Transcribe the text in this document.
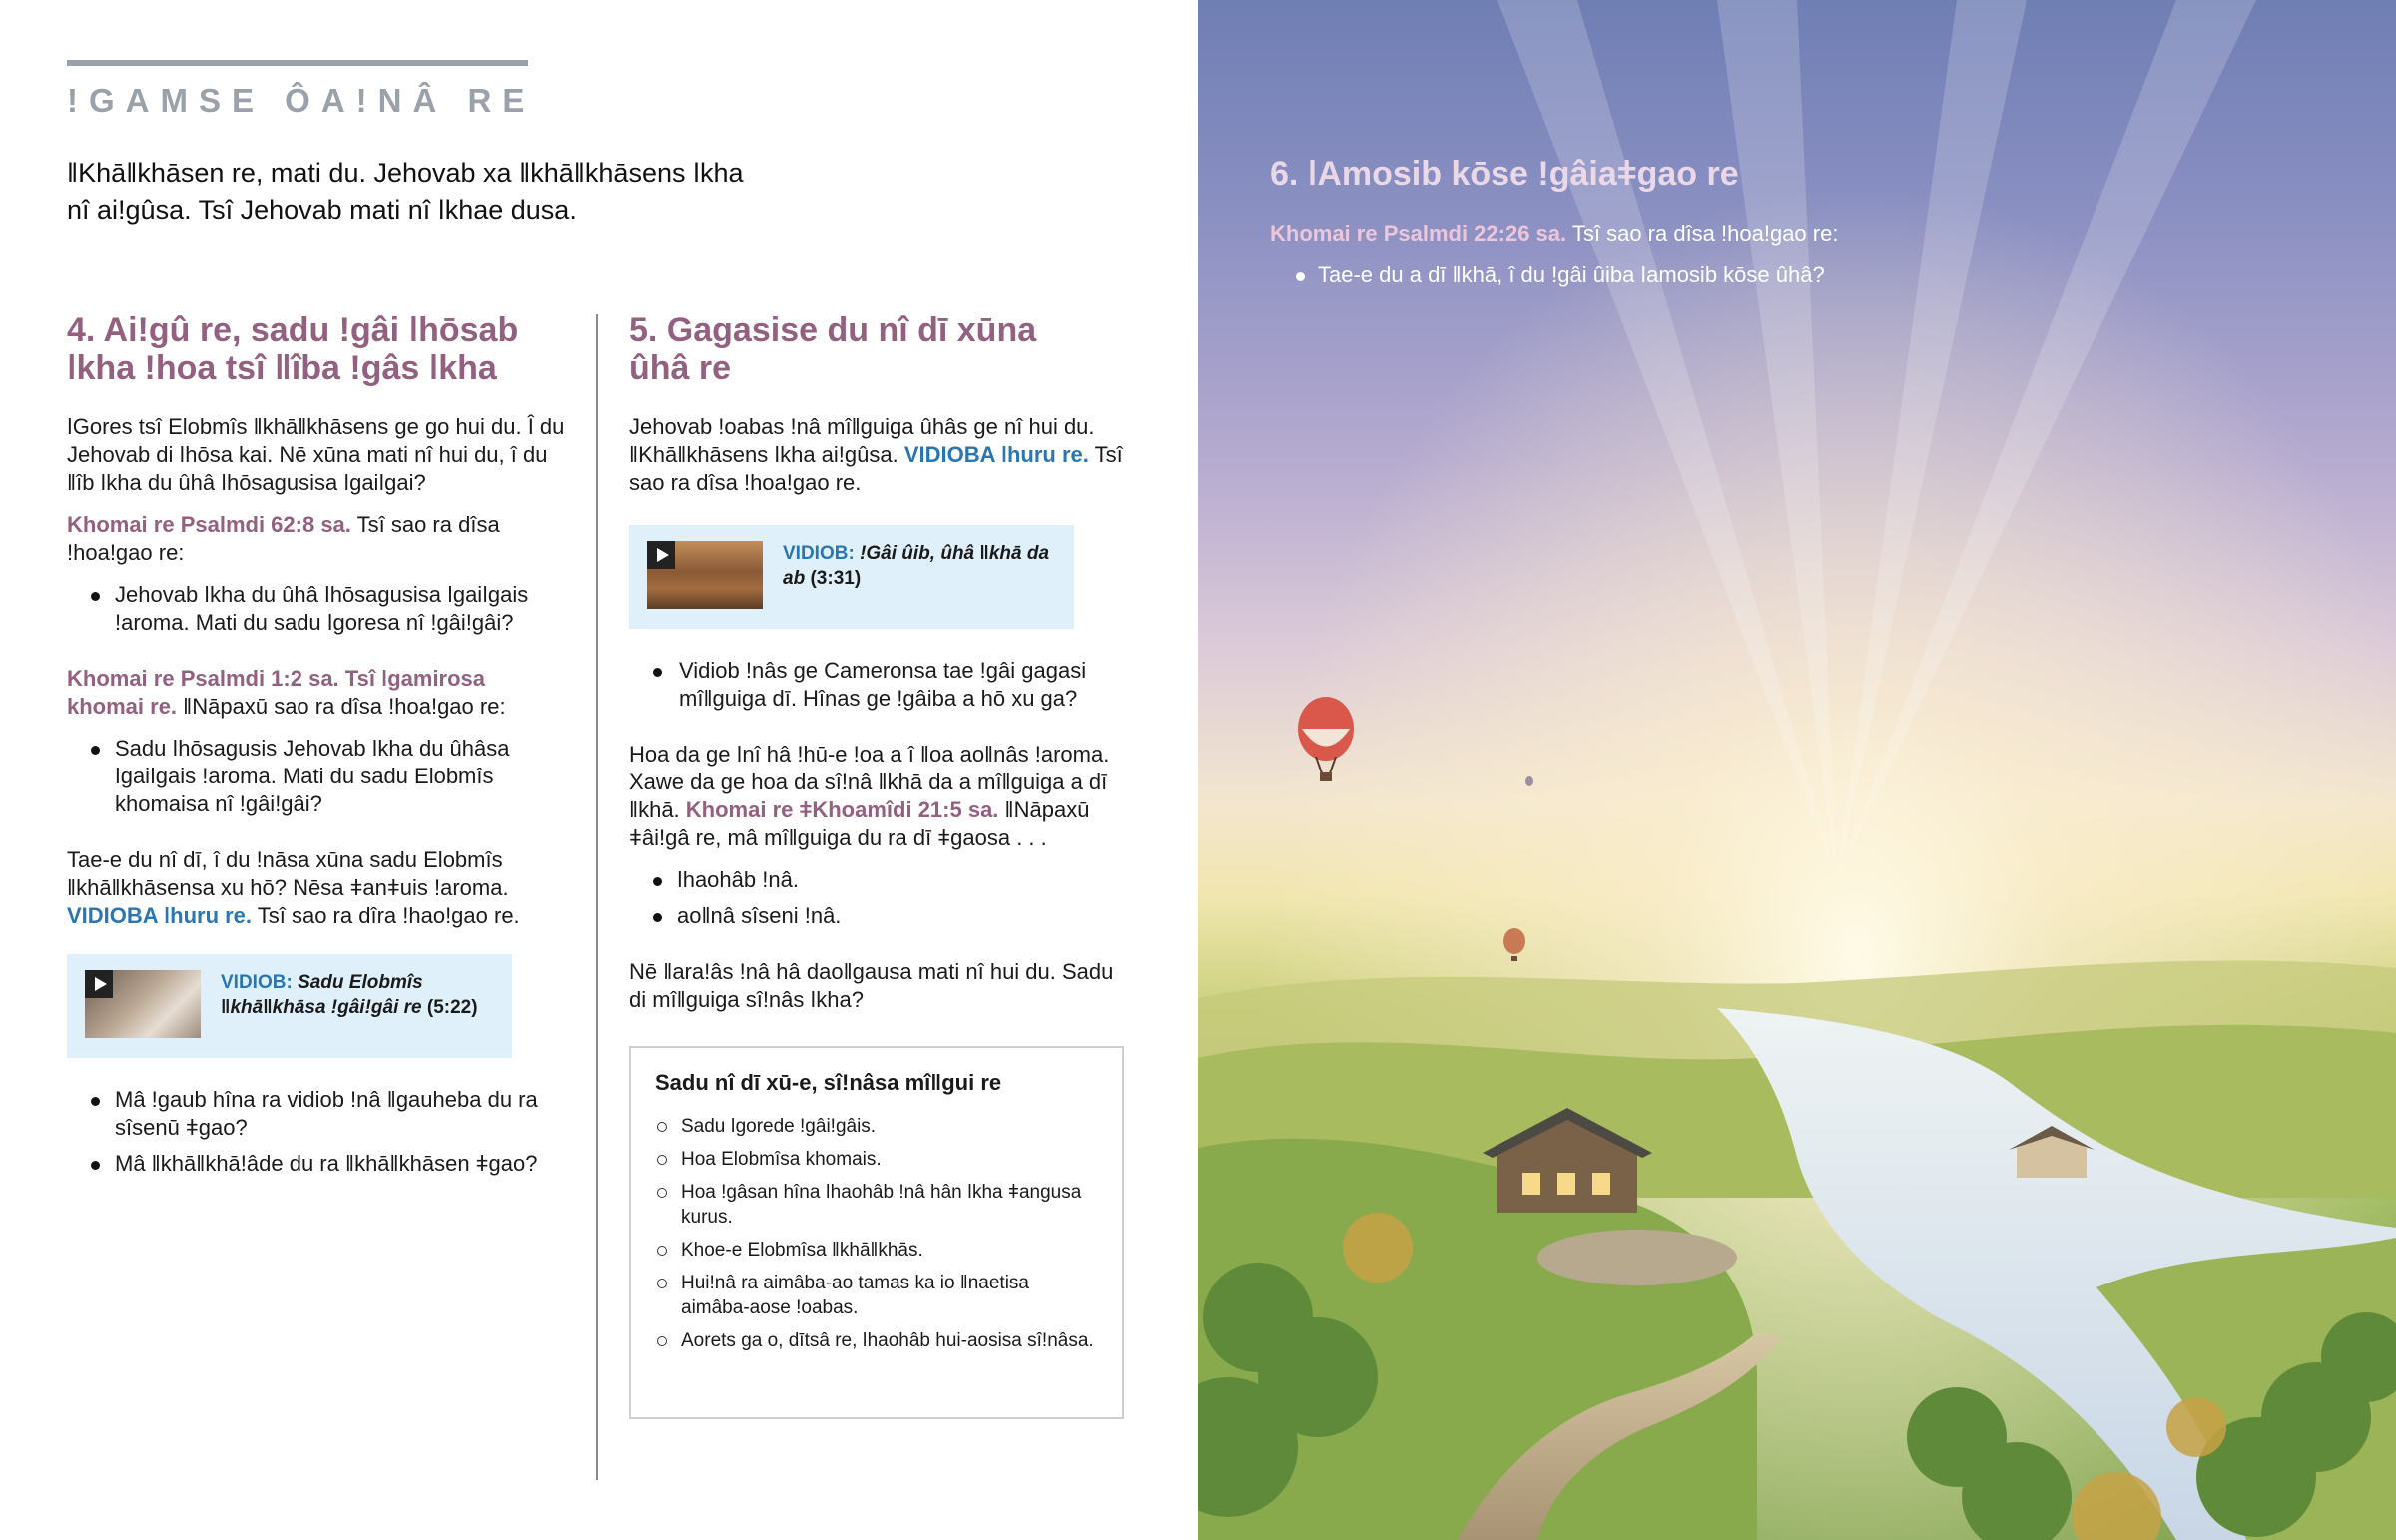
ǃGAMSE ÔAǃNÂ RE
ǁKhāǁkhāsen re, mati du. Jehovab xa ǁkhāǁkhāsens ǀkha nî aiǃgûsa. Tsî Jehovab mati nî ǀkhae dusa.
4. Aiǃgû re, sadu ǃgâi ǀhōsab ǀkha ǃhoa tsî ǁîba ǃgâs ǀkha

ǀGores tsî Elobmîs ǁkhāǁkhāsens ge go hui du. Î du Jehovab di ǀhōsa kai. Nē xūna mati nî hui du, î du ǁîb ǀkha du ûhâ ǀhōsagusisa ǀgaiǀgai?

Khomai re Psalmdi 62:8 sa. Tsî sao ra dîsa ǃhoaǃgao re:

Jehovab ǀkha du ûhâ ǀhōsagusisa ǀgaiǀgais ǃaroma. Mati du sadu ǀgoresa nî ǃgâiǃgâi?

Khomai re Psalmdi 1:2 sa. Tsî ǀgamirosa khomai re. ǁNāpaxū sao ra dîsa ǃhoaǃgao re:

Sadu ǀhōsagusis Jehovab ǀkha du ûhâsa ǀgaiǀgais ǃaroma. Mati du sadu Elobmîs khomaisa nî ǃgâiǃgâi?

Tae-e du nî dī, î du ǃnāsa xūna sadu Elobmîs ǁkhāǁkhāsensa xu hō? Nēsa ǂanǂuis ǃaroma. VIDIOBA ǀhuru re. Tsî sao ra dîra ǃhaoǃgao re.

VIDIOB: Sadu Elobmîs ǁkhāǁkhāsa ǃgâiǃgâi re (5:22)
Mâ ǃgaub hîna ra vidiob ǃnâ ǁgauheba du ra sîsenū ǂgao?
Mâ ǁkhāǁkhāǃâde du ra ǁkhāǁkhāsen ǂgao?
5. Gagasise du nî dī xūna ûhâ re

Jehovab ǃoabas ǃnâ mîǁguiga ûhâs ge nî hui du. ǁKhāǁkhāsens ǀkha aiǃgûsa. VIDIOBA ǀhuru re. Tsî sao ra dîsa ǃhoaǃgao re.

VIDIOB: ǃGâi ûib, ûhâ ǁkhā da ab (3:31)
Vidiob ǃnâs ge Cameronsa tae ǃgâi gagasi mîǁguiga dī. Hînas ge ǃgâiba a hō xu ga?

Hoa da ge ǀnî hâ ǃhū-e ǃoa a î ǁoa aoǁnâs ǃaroma. Xawe da ge hoa da sîǃnâ ǁkhā da a mîǁguiga a dī ǁkhā. Khomai re ǂKhoamîdi 21:5 sa. ǁNāpaxū ǂâiǃgâ re, mâ mîǁguiga du ra dī ǂgaosa . . .

ǀhaohâb ǃnâ.
aoǁnâ sîseni ǃnâ.

Nē ǁaraǃâs ǃnâ hâ daoǁgausa mati nî hui du. Sadu di mîǁguiga sîǃnâs ǀkha?

Sadu nî dī xū-e, sîǃnâsa mîǁgui re

Sadu ǀgorede ǃgâiǃgâis.
Hoa Elobmîsa khomais.
Hoa ǃgâsan hîna ǀhaohâb ǃnâ hân ǀkha ǂangusa kurus.
Khoe-e Elobmîsa ǁkhāǁkhās.
Huiǃnâ ra aimâba-ao tamas ka io ǁnaetisa aimâba-aose ǃoabas.
Aorets ga o, dītsâ re, ǀhaohâb hui-aosisa sîǃnâsa.
6. ǀAmosib kōse ǃgâiaǂgao re
Khomai re Psalmdi 22:26 sa. Tsî sao ra dîsa ǃhoaǃgao re:
Tae-e du a dī ǁkhā, î du ǃgâi ûiba ǀamosib kōse ûhâ?
